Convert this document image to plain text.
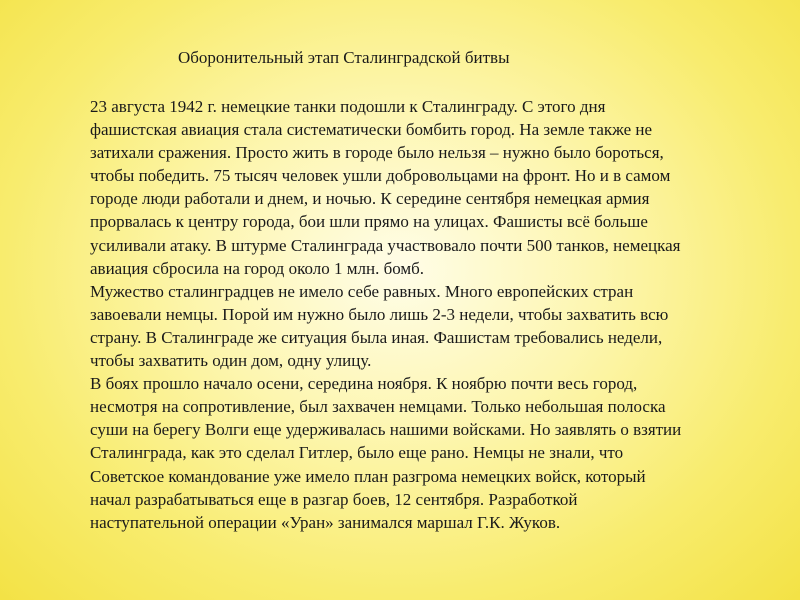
Оборонительный этап Сталинградской битвы

23 августа 1942 г. немецкие танки подошли к Сталинграду. С этого дня
фашистская авиация стала систематически бомбить город. На земле также не
затихали сражения. Просто жить в городе было нельзя – нужно было бороться,
чтобы победить. 75 тысяч человек ушли добровольцами на фронт. Но и в самом
городе люди работали и днем, и ночью. К середине сентября немецкая армия
прорвалась к центру города, бои шли прямо на улицах. Фашисты всё больше
усиливали атаку. В штурме Сталинграда участвовало почти 500 танков, немецкая
авиация сбросила на город около 1 млн. бомб.

Мужество сталинградцев не имело себе равных. Много европейских стран
завоевали немцы. Порой им нужно было лишь 2-3 недели, чтобы захватить всю
страну. В Сталинграде же ситуация была иная. Фашистам требовались недели,
чтобы захватить один дом, одну улицу.

В боях прошло начало осени, середина ноября. К ноябрю почти весь город,
несмотря на сопротивление, был захвачен немцами. Только небольшая полоска
суши на берегу Волги еще удерживалась нашими войсками. Но заявлять о взятии
Сталинграда, как это сделал Гитлер, было еще рано. Немцы не знали, что
Советское командование уже имело план разгрома немецких войск, который
начал разрабатываться еще в разгар боев, 12 сентября. Разработкой
наступательной операции «Уран» занимался маршал Г.К. Жуков.
